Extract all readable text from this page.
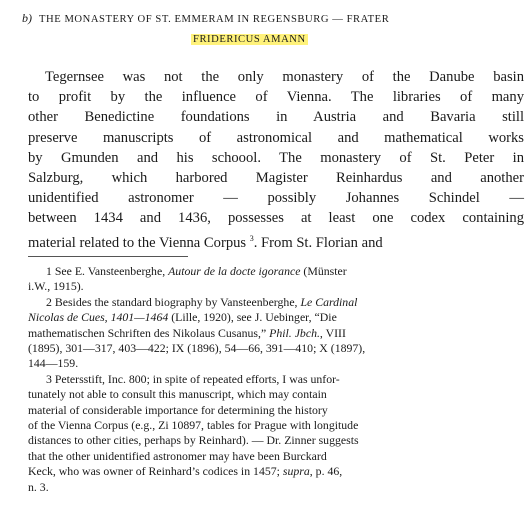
b) THE MONASTERY OF ST. EMMERAM IN REGENSBURG — FRATER
FRIDERICUS AMANN
Tegernsee was not the only monastery of the Danube basin
to profit by the influence of Vienna. The libraries of many
other Benedictine foundations in Austria and Bavaria still
preserve manuscripts of astronomical and mathematical works
by Gmunden and his schoool. The monastery of St. Peter in
Salzburg, which harbored Magister Reinhardus and another
unidentified astronomer — possibly Johannes Schindel —
between 1434 and 1436, possesses at least one codex containing
material related to the Vienna Corpus $^3$. From St. Florian and
1 See E. Vansteenberghe, Autour de la docte igorance (Münster
i.W., 1915).
2 Besides the standard biography by Vansteenberghe, Le Cardinal
Nicolas de Cues, 1401—1464 (Lille, 1920), see J. Uebinger, “Die
mathematischen Schriften des Nikolaus Cusanus,” Phil. Jbch., VIII
(1895), 301—317, 403—422; IX (1896), 54—66, 391—410; X (1897),
144—159.
3 Petersstift, Inc. 800; in spite of repeated efforts, I was unfor-
tunately not able to consult this manuscript, which may contain
material of considerable importance for determining the history
of the Vienna Corpus (e.g., Zi 10897, tables for Prague with longitude
distances to other cities, perhaps by Reinhard). — Dr. Zinner suggests
that the other unidentified astronomer may have been Burckard
Keck, who was owner of Reinhard’s codices in 1457; supra, p. 46,
n. 3.
